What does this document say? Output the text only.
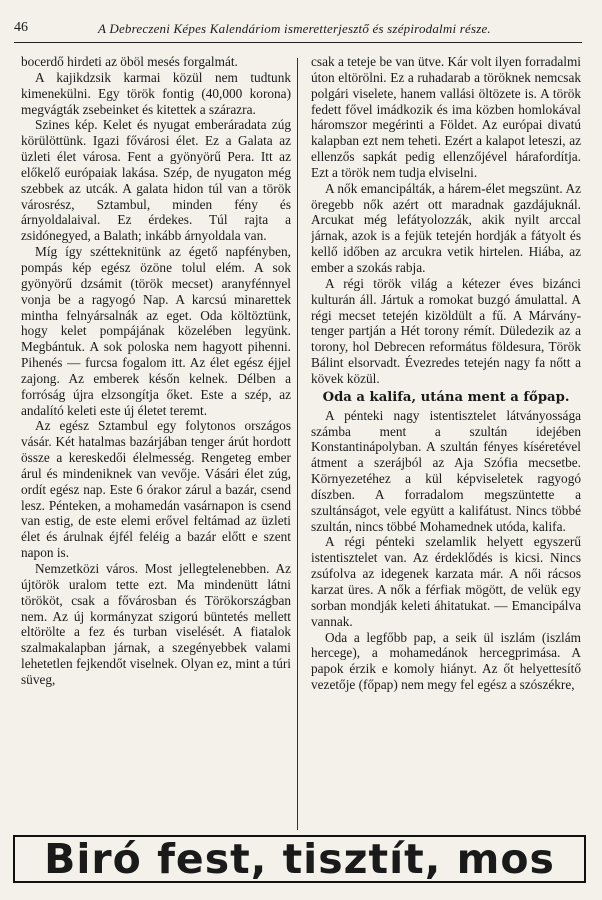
46	A Debreczeni Képes Kalendáriom ismeretterjesztő és szépirodalmi része.

bocerdő hirdeti az öböl mesés forgalmát.

A kajikdzsik karmai közül nem tudtunk kimenekülni. Egy török fontig (40,000 korona) megvágták zsebeinket és kitettek a szárazra.

Szines kép. Kelet és nyugat emberáradata zúg körülöttünk. Igazi fővárosi élet. Ez a Galata az üzleti élet városa. Fent a gyönyörű Pera. Itt az előkelő európaiak lakása. Szép, de nyugaton még szebbek az utcák. A galata hidon túl van a török városrész, Sztambul, minden fény és árnyoldalaival. Ez érdekes. Túl rajta a zsidónegyed, a Balath; inkább árnyoldala van.

Míg így szétteknitünk az égető napfényben, pompás kép egész özöne tolul elém. A sok gyönyörű dzsámit (török mecset) aranyfénnyel vonja be a ragyogó Nap. A karcsú minarettek mintha felnyársalnák az eget. Oda költöztünk, hogy kelet pompájának közelében legyünk. Megbántuk. A sok poloska nem hagyott pihenni. Pihenés — furcsa fogalom itt. Az élet egész éjjel zajong. Az emberek későn kelnek. Délben a forróság újra elzsongítja őket. Este a szép, az andalító keleti este új életet teremt.

Az egész Sztambul egy folytonos országos vásár. Két hatalmas bazárjában tenger árút hordott össze a kereskedői élelmesség. Rengeteg ember árul és mindeniknek van vevője. Vásári élet zúg, ordít egész nap. Este 6 órakor zárul a bazár, csend lesz. Pénteken, a mohamedán vasárnapon is csend van estig, de este elemi erővel feltámad az üzleti élet és árulnak éjfél feléig a bazár előtt e szent napon is.

Nemzetközi város. Most jellegtelenebben. Az újtörök uralom tette ezt. Ma mindenütt látni törököt, csak a fővárosban és Törökországban nem. Az új kormányzat szigorú büntetés mellett eltörölte a fez és turban viselését. A fiatalok szalmakalapban járnak, a szegényebbek valami lehetetlen fejkendőt viselnek. Olyan ez, mint a túri süveg,

csak a teteje be van ütve. Kár volt ilyen forradalmi úton eltörölni. Ez a ruhadarab a töröknek nemcsak polgári viselete, hanem vallási öltözete is. A török fedett fővel imádkozik és ima közben homlokával háromszor megérinti a Földet. Az európai divatú kalapban ezt nem teheti. Ezért a kalapot leteszi, az ellenzős sapkát pedig ellenzőjével hárafordítja. Ezt a török nem tudja elviselni.

A nők emancipálták, a hárem-élet megszünt. Az öregebb nők azért ott maradnak gazdájuknál. Arcukat még lefátyolozzák, akik nyilt arccal járnak, azok is a fejük tetején hordják a fátyolt és kellő időben az arcukra vetik hirtelen. Hiába, az ember a szokás rabja.

A régi török világ a kétezer éves bizánci kulturán áll. Jártuk a romokat buzgó ámulattal. A régi mecset tetején kizöldült a fű. A Márvány-tenger partján a Hét torony rémít. Düledezik az a torony, hol Debrecen református földesura, Török Bálint elsorvadt. Évezredes tetején nagy fa nőtt a kövek közül.

Oda a kalifa, utána ment a főpap.

A pénteki nagy istentisztelet látványossága számba ment a szultán idejében Konstantinápolyban. A szultán fényes kíséretével átment a szerájból az Aja Szófia mecsetbe. Környezetéhez a kül képviseletek ragyogó díszben. A forradalom megszüntette a szultánságot, vele együtt a kalifátust. Nincs többé szultán, nincs többé Mohamednek utóda, kalifa.

A régi pénteki szelamlik helyett egyszerű istentisztelet van. Az érdeklődés is kicsi. Nincs zsúfolva az idegenek karzata már. A női rácsos karzat üres. A nők a férfiak mögött, de velük egy sorban mondják keleti áhitatukat. — Emancipálva vannak.

Oda a legfőbb pap, a seik ül iszlám (iszlám hercege), a mohamedánok hercegprimása. A papok érzik e komoly hiányt. Az őt helyettesítő vezetője (főpap) nem megy fel egész a szószékre,

Biró fest, tisztít, mos
